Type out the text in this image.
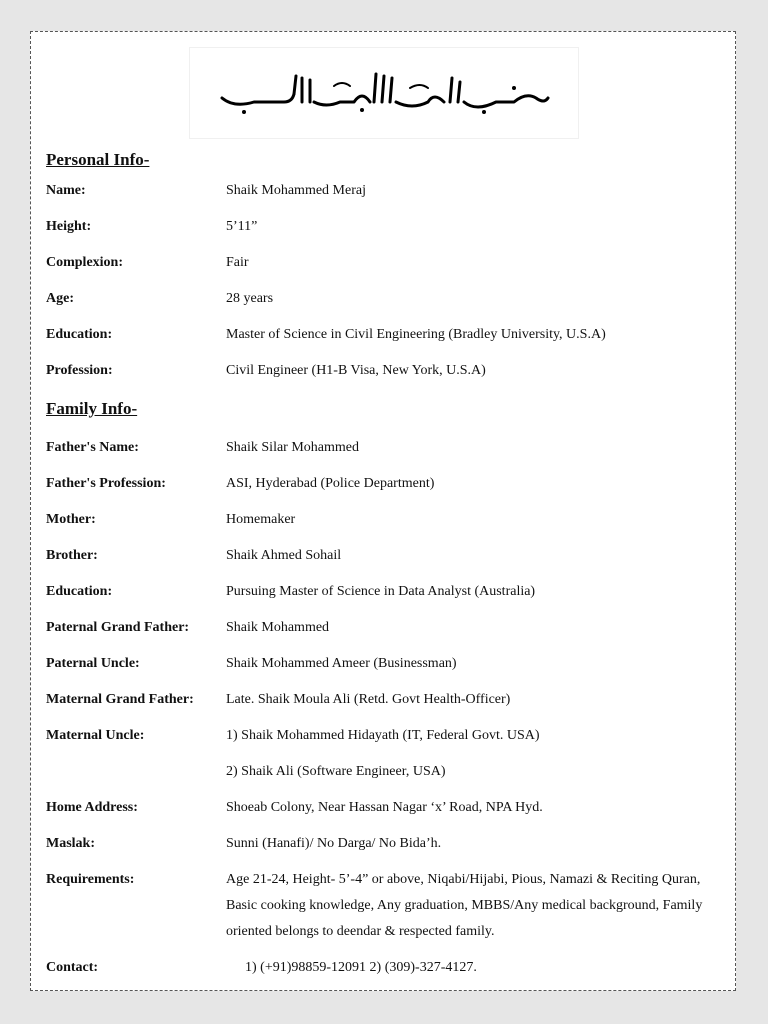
Personal Info-
Name:	Shaik Mohammed Meraj
Height:	5’11”
Complexion:	Fair
Age:	28 years
Education:	Master of Science in Civil Engineering (Bradley University, U.S.A)
Profession:	Civil Engineer (H1-B Visa, New York, U.S.A)
Family Info-
Father's Name:	Shaik Silar Mohammed
Father's Profession:	ASI, Hyderabad (Police Department)
Mother:	Homemaker
Brother:	Shaik Ahmed Sohail
Education:	Pursuing Master of Science in Data Analyst (Australia)
Paternal Grand Father:	Shaik Mohammed
Paternal Uncle:	Shaik Mohammed Ameer (Businessman)
Maternal Grand Father:	Late. Shaik Moula Ali (Retd. Govt Health-Officer)
Maternal Uncle:	1) Shaik Mohammed Hidayath (IT, Federal Govt. USA)
2) Shaik Ali (Software Engineer, USA)
Home Address:	Shoeab Colony, Near Hassan Nagar ‘x’ Road, NPA Hyd.
Maslak:	Sunni (Hanafi)/ No Darga/ No Bida’h.
Requirements:	Age 21-24, Height- 5’-4” or above, Niqabi/Hijabi, Pious, Namazi & Reciting Quran, Basic cooking knowledge, Any graduation, MBBS/Any medical background, Family oriented belongs to deendar & respected family.
Contact:	1) (+91)98859-12091 2) (309)-327-4127.
